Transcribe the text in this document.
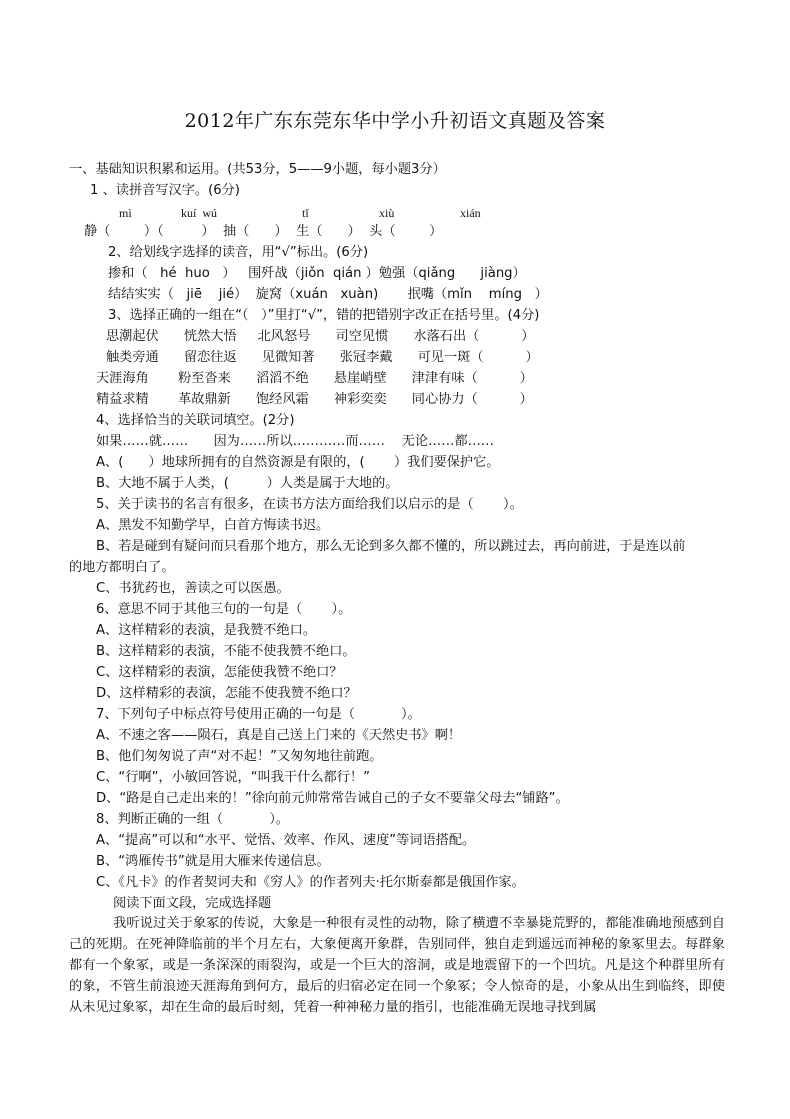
2012年广东东莞东华中学小升初语文真题及答案
一、基础知识积累和运用。(共53分，5——9小题，每小题3分）
1 、读拼音写汉字。(6分)
mì	kuí  wú	tǐ	xiù	xián
静（        ）（         ）  抽（      ）  生（      ）  头（        ）
2、给划线字选择的读音，用“√”标出。(6分)
掺和（   hé  huo   ）   围歼战（jiǒn  qián ）勉强（qiǎng      jiàng）
结结实实（   jiē    jié）  旋窝（xuán   xuàn)       抿嘴（mǐn    míng   ）
3、选择正确的一组在“（   ）”里打“√”，错的把错别字改正在括号里。(4分)
思潮起伏      恍然大悟     北风怒号      司空见惯      水落石出（          ）
触类旁通      留恋往返      见微知著      张冠李戴      可见一斑（          ）
天涯海角       粉至沓来      滔滔不绝      悬崖峭壁      津津有味（          ）
精益求精       革故鼎新      饱经风霜      神彩奕奕      同心协力（          ）
4、选择恰当的关联词填空。(2分)
如果……就……      因为……所以…………而……    无论……都……
A、(      ）地球所拥有的自然资源是有限的，(       ）我们要保护它。
B、大地不属于人类，(         ）人类是属于大地的。
5、关于读书的名言有很多，在读书方法方面给我们以启示的是（       ）。
A、黑发不知勤学早，白首方悔读书迟。
B、若是碰到有疑问而只看那个地方，那么无论到多久都不懂的，所以跳过去，再向前进，于是连以前
的地方都明白了。
C、书犹药也，善读之可以医愚。
6、意思不同于其他三句的一句是（       ）。
A、这样精彩的表演，是我赞不绝口。
B、这样精彩的表演，不能不使我赞不绝口。
C、这样精彩的表演，怎能使我赞不绝口？
D、这样精彩的表演，怎能不使我赞不绝口？
7、下列句子中标点符号使用正确的一句是（           ）。
A、不速之客——陨石，真是自己送上门来的《天然史书》啊！
B、他们匆匆说了声“对不起！”又匆匆地往前跑。
C、“行啊”，小敏回答说，“叫我干什么都行！”
D、“路是自己走出来的！”徐向前元帅常常告诫自己的子女不要靠父母去“铺路”。
8、判断正确的一组（           ）。
A、“提高”可以和“水平、觉悟、效率、作风、速度”等词语搭配。
B、“鸿雁传书”就是用大雁来传递信息。
C、《凡卡》的作者契诃夫和《穷人》的作者列夫·托尔斯泰都是俄国作家。
阅读下面文段，完成选择题
我听说过关于象冢的传说，大象是一种很有灵性的动物，除了横遭不幸暴毙荒野的，都能准确地预感到自己的死期。在死神降临前的半个月左右，大象便离开象群，告别同伴，独自走到遥远而神秘的象冢里去。每群象都有一个象冢，或是一条深深的雨裂沟，或是一个巨大的溶洞，或是地震留下的一个凹坑。凡是这个种群里所有的象，不管生前浪迹天涯海角到何方，最后的归宿必定在同一个象冢；令人惊奇的是，小象从出生到临终，即使从未见过象冢，却在生命的最后时刻，凭着一种神秘力量的指引，也能准确无误地寻找到属
